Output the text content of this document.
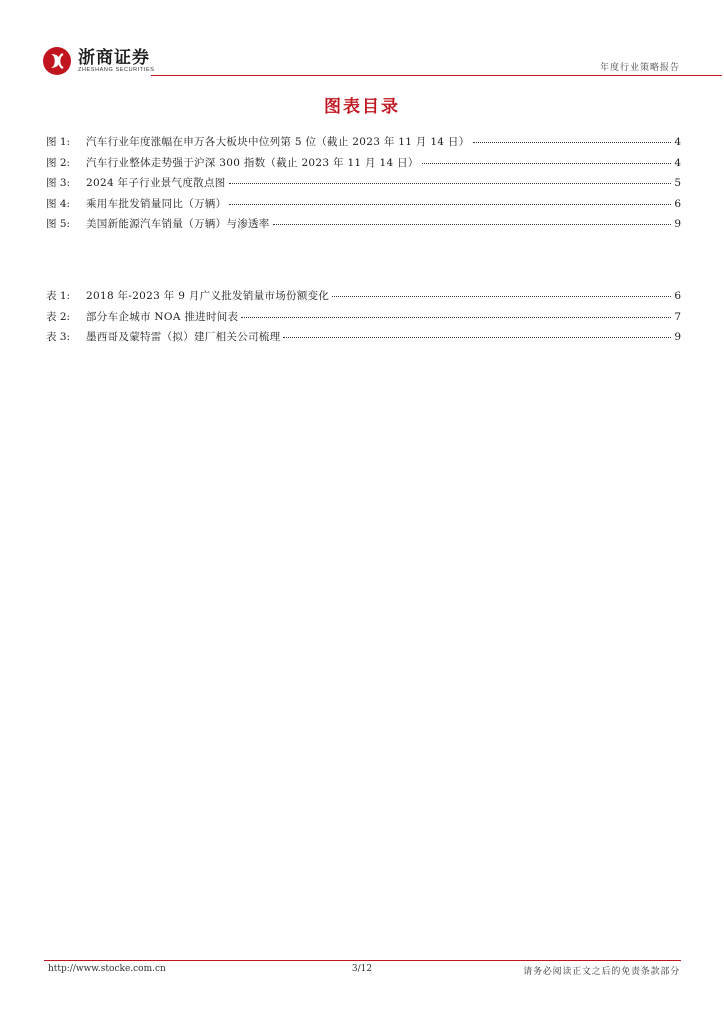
浙商证券
ZHESHANG SECURITIES	年度行业策略报告
图表目录
图 1:	汽车行业年度涨幅在申万各大板块中位列第 5 位（截止 2023 年 11 月 14 日）	4
图 2:	汽车行业整体走势强于沪深 300 指数（截止 2023 年 11 月 14 日）	4
图 3:	2024 年子行业景气度散点图	5
图 4:	乘用车批发销量同比（万辆）	6
图 5:	美国新能源汽车销量（万辆）与渗透率	9
表 1:	2018 年-2023 年 9 月广义批发销量市场份额变化	6
表 2:	部分车企城市 NOA 推进时间表	7
表 3:	墨西哥及蒙特雷（拟）建厂相关公司梳理	9
http://www.stocke.com.cn	3/12	请务必阅读正文之后的免责条款部分
